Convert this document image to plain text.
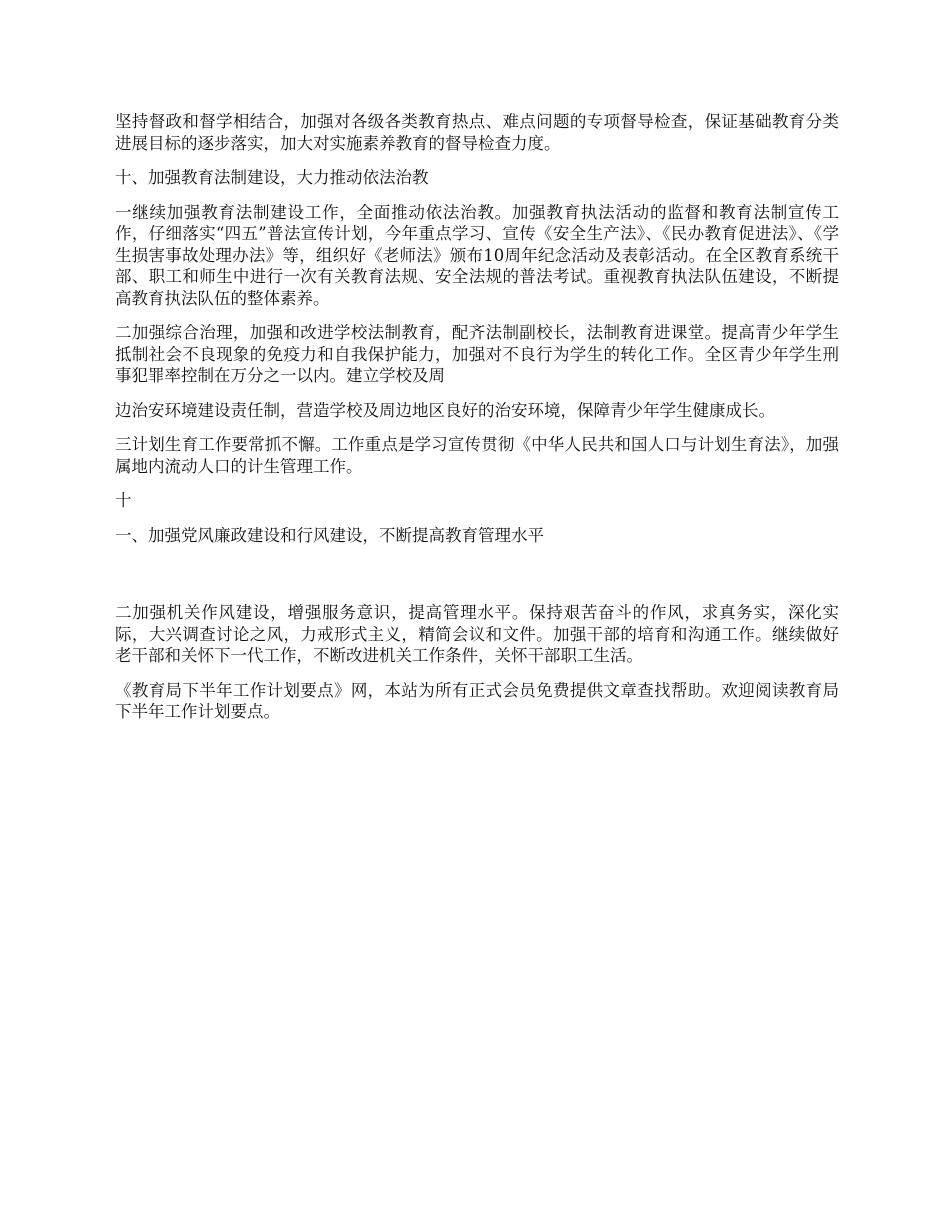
坚持督政和督学相结合，加强对各级各类教育热点、难点问题的专项督导检查，保证基础教育分类进展目标的逐步落实，加大对实施素养教育的督导检查力度。

十、加强教育法制建设，大力推动依法治教

一继续加强教育法制建设工作，全面推动依法治教。加强教育执法活动的监督和教育法制宣传工作，仔细落实“四五”普法宣传计划，今年重点学习、宣传《安全生产法》、《民办教育促进法》、《学生损害事故处理办法》等，组织好《老师法》颁布10周年纪念活动及表彰活动。在全区教育系统干部、职工和师生中进行一次有关教育法规、安全法规的普法考试。重视教育执法队伍建设，不断提高教育执法队伍的整体素养。

二加强综合治理，加强和改进学校法制教育，配齐法制副校长，法制教育进课堂。提高青少年学生抵制社会不良现象的免疫力和自我保护能力，加强对不良行为学生的转化工作。全区青少年学生刑事犯罪率控制在万分之一以内。建立学校及周

边治安环境建设责任制，营造学校及周边地区良好的治安环境，保障青少年学生健康成长。

三计划生育工作要常抓不懈。工作重点是学习宣传贯彻《中华人民共和国人口与计划生育法》，加强属地内流动人口的计生管理工作。

十

一、加强党风廉政建设和行风建设，不断提高教育管理水平

二加强机关作风建设，增强服务意识，提高管理水平。保持艰苦奋斗的作风，求真务实，深化实际，大兴调查讨论之风，力戒形式主义，精简会议和文件。加强干部的培育和沟通工作。继续做好老干部和关怀下一代工作，不断改进机关工作条件，关怀干部职工生活。

《教育局下半年工作计划要点》网，本站为所有正式会员免费提供文章查找帮助。欢迎阅读教育局下半年工作计划要点。
